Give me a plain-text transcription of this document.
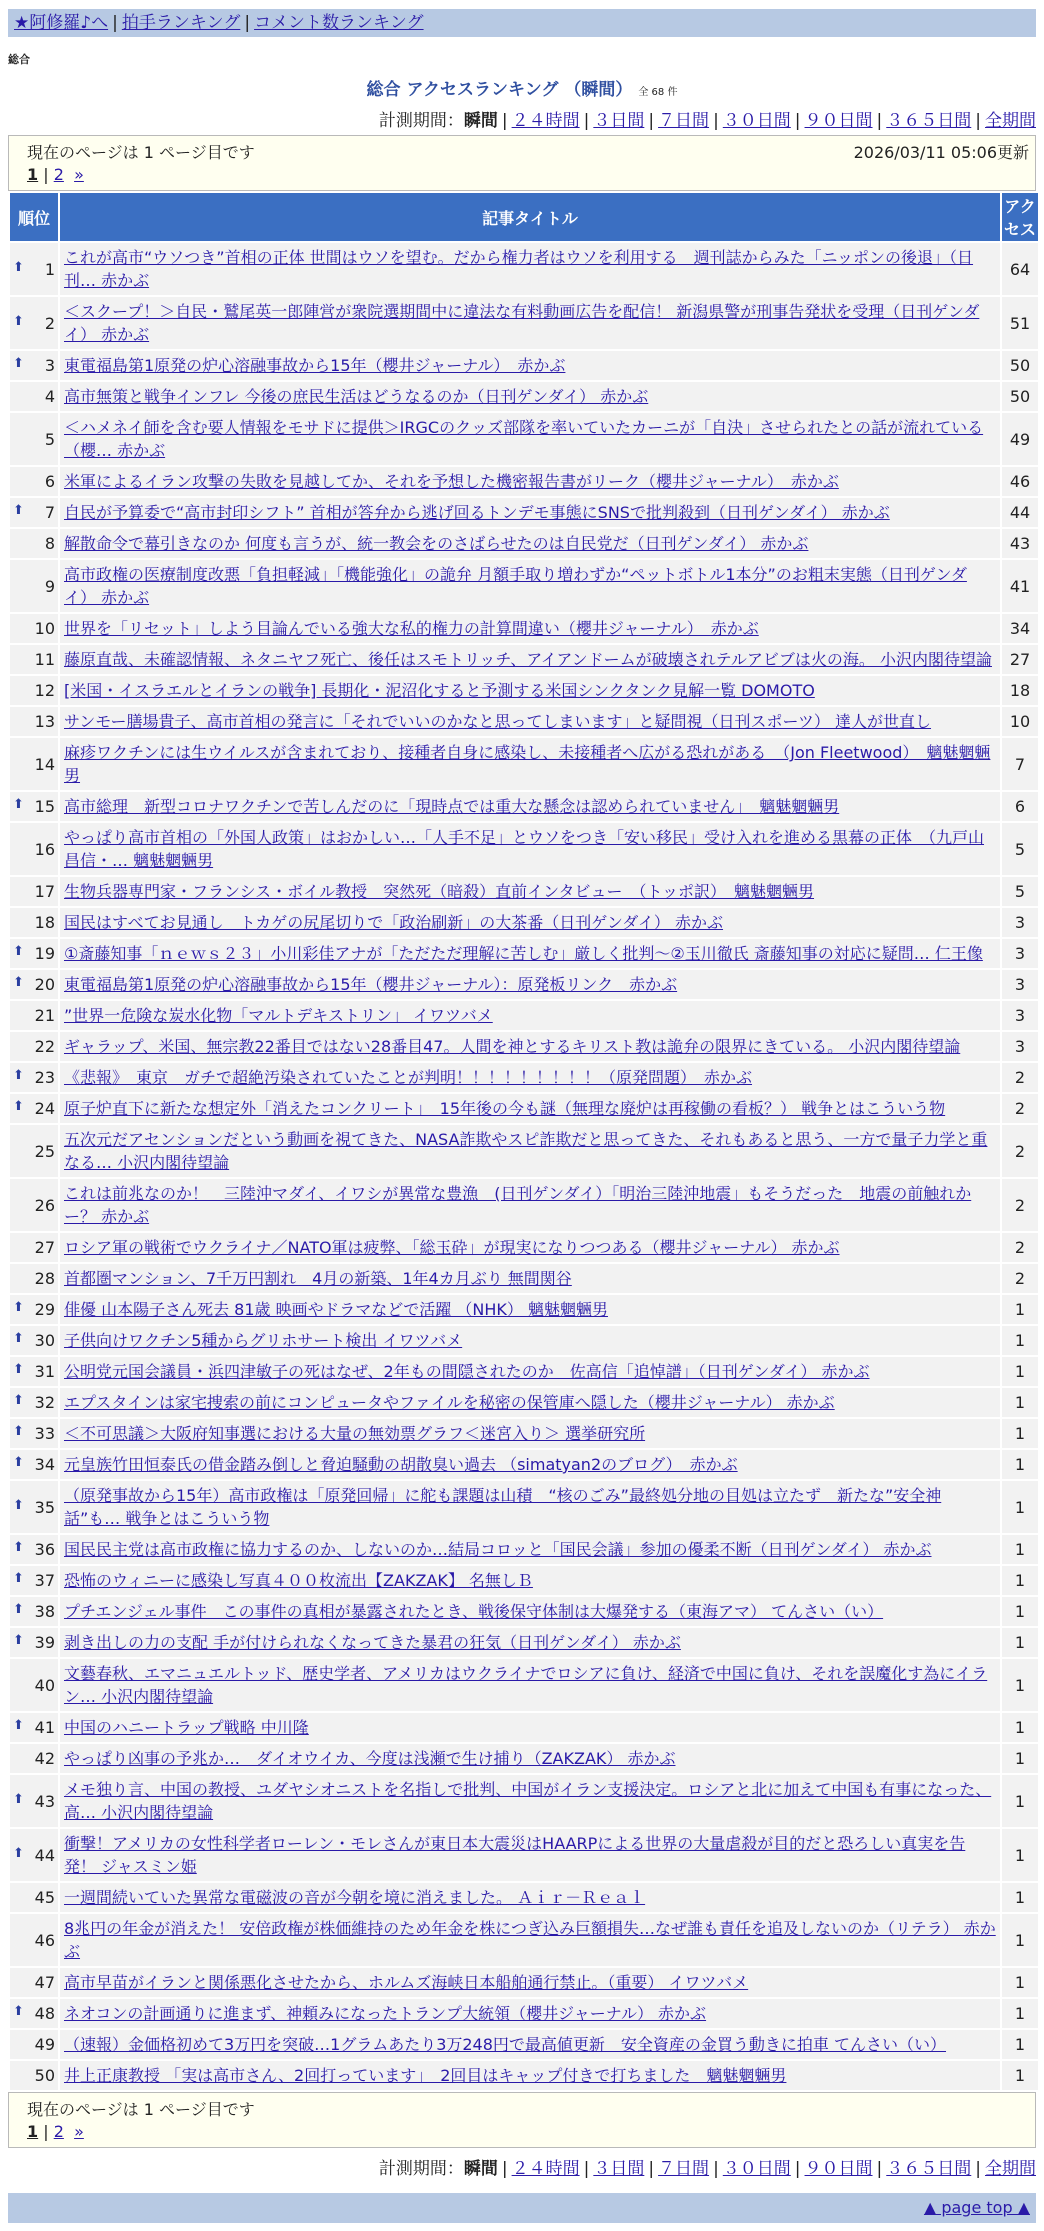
★阿修羅♪へ | 拍手ランキング | コメント数ランキング
総合
総合 アクセスランキング （瞬間） 全 68 件
計測期間：瞬間 | ２４時間 | ３日間 | ７日間 | ３０日間 | ９０日間 | ３６５日間 | 全期間
現在のページは 1 ページ目です	2026/03/11 05:06更新
1 | 2 »
順位	記事タイトル	アクセス

⬆ 1	これが高市“ウソつき”首相の正体 世間はウソを望む。だから権力者はウソを利用する　週刊誌からみた「ニッポンの後退」（日刊… 赤かぶ	64

⬆ 2	＜スクープ！＞自民・鷲尾英一郎陣営が衆院選期間中に違法な有料動画広告を配信！ 新潟県警が刑事告発状を受理（日刊ゲンダイ） 赤かぶ	51

⬆ 3	東電福島第1原発の炉心溶融事故から15年（櫻井ジャーナル）　赤かぶ	50
4	高市無策と戦争インフレ 今後の庶民生活はどうなるのか（日刊ゲンダイ） 赤かぶ	50
5	＜ハメネイ師を含む要人情報をモサドに提供＞IRGCのクッズ部隊を率いていたカーニが「自決」させられたとの話が流れている（櫻… 赤かぶ	49
6	米軍によるイラン攻撃の失敗を見越してか、それを予想した機密報告書がリーク（櫻井ジャーナル）　赤かぶ	46

⬆ 7	自民が予算委で“高市封印シフト” 首相が答弁から逃げ回るトンデモ事態にSNSで批判殺到（日刊ゲンダイ） 赤かぶ	44
8	解散命令で幕引きなのか 何度も言うが、統一教会をのさばらせたのは自民党だ（日刊ゲンダイ） 赤かぶ	43
9	高市政権の医療制度改悪「負担軽減」「機能強化」の詭弁 月額手取り増わずか“ペットボトル1本分”のお粗末実態（日刊ゲンダイ） 赤かぶ	41
10	世界を「リセット」しよう目論んでいる強大な私的権力の計算間違い（櫻井ジャーナル）　赤かぶ	34
11	藤原直哉、未確認情報、ネタニヤフ死亡、後任はスモトリッチ、アイアンドームが破壊されテルアビブは火の海。 小沢内閣待望論	27
12	[米国・イスラエルとイランの戦争] 長期化・泥沼化すると予測する米国シンクタンク見解一覧 DOMOTO	18
13	サンモー膳場貴子、高市首相の発言に「それでいいのかなと思ってしまいます」と疑問視（日刊スポーツ） 達人が世直し	10
14	麻疹ワクチンには生ウイルスが含まれており、接種者自身に感染し、未接種者へ広がる恐れがある　（Jon Fleetwood）　魑魅魍魎男	7

⬆ 15	高市総理　新型コロナワクチンで苦しんだのに「現時点では重大な懸念は認められていません」　魑魅魍魎男	6
16	やっぱり高市首相の「外国人政策」はおかしい…「人手不足」とウソをつき「安い移民」受け入れを進める黒幕の正体　（九戸山 昌信・… 魑魅魍魎男	5
17	生物兵器専門家・フランシス・ボイル教授　突然死（暗殺）直前インタビュー　（トッポ訳）　魑魅魍魎男	5
18	国民はすべてお見通し　トカゲの尻尾切りで「政治刷新」の大茶番（日刊ゲンダイ） 赤かぶ	3

⬆ 19	①斎藤知事「ｎｅｗｓ２３」小川彩佳アナが「ただただ理解に苦しむ」厳しく批判～②玉川徹氏 斎藤知事の対応に疑問… 仁王像	3

⬆ 20	東電福島第1原発の炉心溶融事故から15年（櫻井ジャーナル）：原発板リンク　赤かぶ	3
21	”世界一危険な炭水化物「マルトデキストリン」 イワツバメ	3
22	ギャラップ、米国、無宗教22番目ではない28番目47。人間を神とするキリスト教は詭弁の限界にきている。 小沢内閣待望論	3

⬆ 23	《悲報》　東京　ガチで超絶汚染されていたことが判明！！！！！！！！！（原発問題）　赤かぶ	2

⬆ 24	原子炉直下に新たな想定外「消えたコンクリート」　15年後の今も謎（無理な廃炉は再稼働の看板？） 戦争とはこういう物	2
25	五次元だアセンションだという動画を視てきた、NASA詐欺やスピ詐欺だと思ってきた、それもあると思う、一方で量子力学と重なる… 小沢内閣待望論	2
26	これは前兆なのか！　三陸沖マダイ、イワシが異常な豊漁　(日刊ゲンダイ）「明治三陸沖地震」もそうだった　地震の前触れかー？ 赤かぶ	2
27	ロシア軍の戦術でウクライナ／NATO軍は疲弊、「総玉砕」が現実になりつつある（櫻井ジャーナル） 赤かぶ	2
28	首都圏マンション、7千万円割れ　4月の新築、1年4カ月ぶり 無間関谷	2

⬆ 29	俳優 山本陽子さん死去 81歳 映画やドラマなどで活躍 （NHK） 魑魅魍魎男	1

⬆ 30	子供向けワクチン5種からグリホサート検出 イワツバメ	1

⬆ 31	公明党元国会議員・浜四津敏子の死はなぜ、2年もの間隠されたのか　佐高信「追悼譜」（日刊ゲンダイ） 赤かぶ	1

⬆ 32	エプスタインは家宅捜索の前にコンピュータやファイルを秘密の保管庫へ隠した（櫻井ジャーナル） 赤かぶ	1

⬆ 33	＜不可思議＞大阪府知事選における大量の無効票グラフ＜迷宮入り＞ 選挙研究所	1

⬆ 34	元皇族竹田恒泰氏の借金踏み倒しと脅迫騒動の胡散臭い過去 （simatyan2のブログ）　赤かぶ	1

⬆ 35	（原発事故から15年）高市政権は「原発回帰」に舵も課題は山積　“核のごみ”最終処分地の目処は立たず　新たな”安全神話”も… 戦争とはこういう物	1

⬆ 36	国民民主党は高市政権に協力するのか、しないのか…結局コロッと「国民会議」参加の優柔不断（日刊ゲンダイ） 赤かぶ	1

⬆ 37	恐怖のウィニーに感染し写真４００枚流出【ZAKZAK】 名無しＢ	1

⬆ 38	プチエンジェル事件　この事件の真相が暴露されたとき、戦後保守体制は大爆発する（東海アマ） てんさい（い）	1

⬆ 39	剥き出しの力の支配 手が付けられなくなってきた暴君の狂気（日刊ゲンダイ） 赤かぶ	1
40	文藝春秋、エマニュエルトッド、歴史学者、アメリカはウクライナでロシアに負け、経済で中国に負け、それを誤魔化す為にイラン… 小沢内閣待望論	1

⬆ 41	中国のハニートラップ戦略 中川隆	1
42	やっぱり凶事の予兆か…　ダイオウイカ、今度は浅瀬で生け捕り（ZAKZAK） 赤かぶ	1

⬆ 43	メモ独り言、中国の教授、ユダヤシオニストを名指しで批判、中国がイラン支援決定。ロシアと北に加えて中国も有事になった、高… 小沢内閣待望論	1

⬆ 44	衝撃！アメリカの女性科学者ローレン・モレさんが東日本大震災はHAARPによる世界の大量虐殺が目的だと恐ろしい真実を告発！ ジャスミン姫	1
45	一週間続いていた異常な電磁波の音が今朝を境に消えました。 Ａｉｒ－Ｒｅａｌ	1
46	8兆円の年金が消えた！ 安倍政権が株価維持のため年金を株につぎ込み巨額損失…なぜ誰も責任を追及しないのか（リテラ） 赤かぶ	1
47	高市早苗がイランと関係悪化させたから、ホルムズ海峡日本船舶通行禁止。（重要） イワツバメ	1

⬆ 48	ネオコンの計画通りに進まず、神頼みになったトランプ大統領（櫻井ジャーナル） 赤かぶ	1
49	（速報）金価格初めて3万円を突破…1グラムあたり3万248円で最高値更新　安全資産の金買う動きに拍車 てんさい（い）	1
50	井上正康教授 「実は高市さん、2回打っています」　2回目はキャップ付きで打ちました　魑魅魍魎男	1
現在のページは 1 ページ目です
1 | 2 »
計測期間：瞬間 | ２４時間 | ３日間 | ７日間 | ３０日間 | ９０日間 | ３６５日間 | 全期間
▲ page top ▲
